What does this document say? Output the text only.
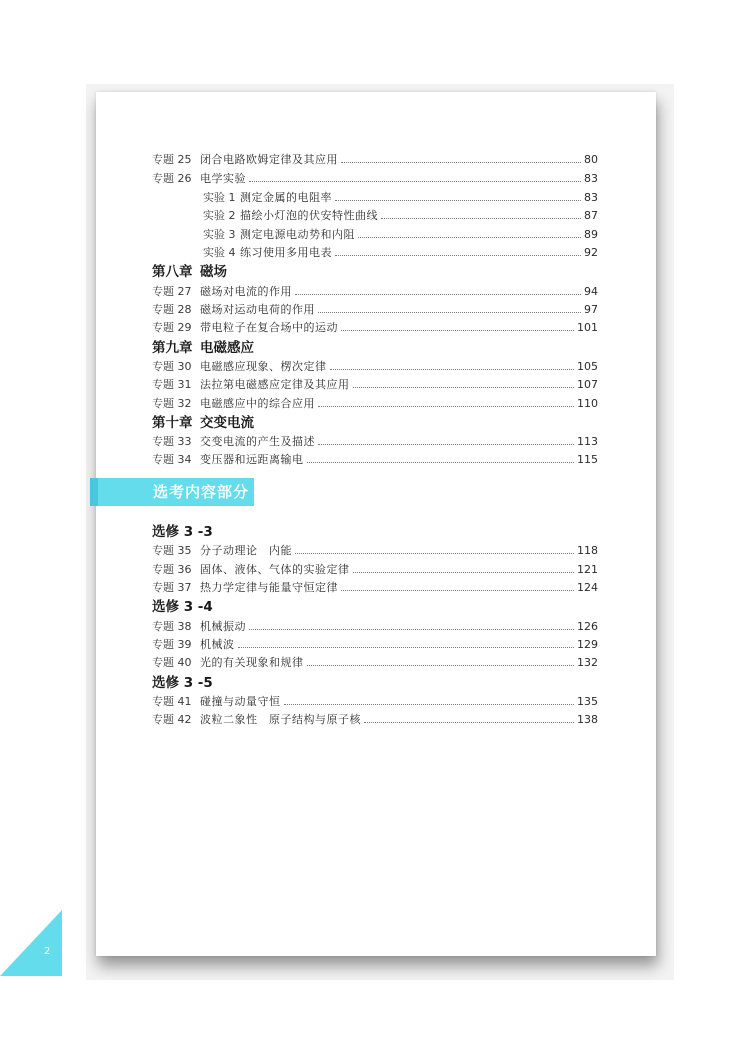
专题 25 闭合电路欧姆定律及其应用	80
专题 26 电学实验	83
实验 1 测定金属的电阻率	83
实验 2 描绘小灯泡的伏安特性曲线	87
实验 3 测定电源电动势和内阻	89
实验 4 练习使用多用电表	92
第八章 磁场
专题 27 磁场对电流的作用	94
专题 28 磁场对运动电荷的作用	97
专题 29 带电粒子在复合场中的运动	101
第九章 电磁感应
专题 30 电磁感应现象、楞次定律	105
专题 31 法拉第电磁感应定律及其应用	107
专题 32 电磁感应中的综合应用	110
第十章 交变电流
专题 33 交变电流的产生及描述	113
专题 34 变压器和远距离输电	115
选考内容部分
选修 3 -3
专题 35 分子动理论　内能	118
专题 36 固体、液体、气体的实验定律	121
专题 37 热力学定律与能量守恒定律	124
选修 3 -4
专题 38 机械振动	126
专题 39 机械波	129
专题 40 光的有关现象和规律	132
选修 3 -5
专题 41 碰撞与动量守恒	135
专题 42 波粒二象性　原子结构与原子核	138
2
